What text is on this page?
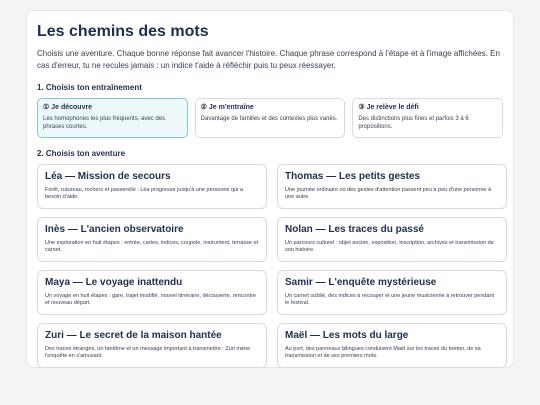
Les chemins des mots

Choisis une aventure. Chaque bonne réponse fait avancer l'histoire. Chaque phrase correspond à l'étape et à l'image affichées. En cas d'erreur, tu ne recules jamais : un indice t'aide à réfléchir puis tu peux réessayer.

1. Choisis ton entraînement
① Je découvre
Les homophones les plus fréquents, avec des phrases courtes.
② Je m'entraîne
Davantage de familles et des contextes plus variés.
③ Je relève le défi
Des distinctions plus fines et parfois 3 à 6 propositions.
2. Choisis ton aventure
Léa — Mission de secours
Forêt, ruisseau, rochers et passerelle : Léa progresse jusqu'à une personne qui a besoin d'aide.
Thomas — Les petits gestes
Une journée ordinaire où des gestes d'attention passent peu à peu d'une personne à une autre.
Inès — L'ancien observatoire
Une exploration en huit étapes : entrée, cartes, indices, coupole, instrument, terrasse et carnet.
Nolan — Les traces du passé
Un parcours culturel : objet ancien, exposition, inscription, archives et transmission de son histoire.
Maya — Le voyage inattendu
Un voyage en huit étapes : gare, trajet modifié, nouvel itinéraire, découverte, rencontre et nouveau départ.
Samir — L'enquête mystérieuse
Un carnet oublié, des indices à recouper et une jeune musicienne à retrouver pendant le festival.
Zuri — Le secret de la maison hantée
Des traces étranges, un fantôme et un message important à transmettre : Zuri mène l'enquête en s'amusant.
Maël — Les mots du large
Au port, des panneaux bilingues conduisent Maël sur les traces du breton, de sa transmission et de ses premiers mots.
